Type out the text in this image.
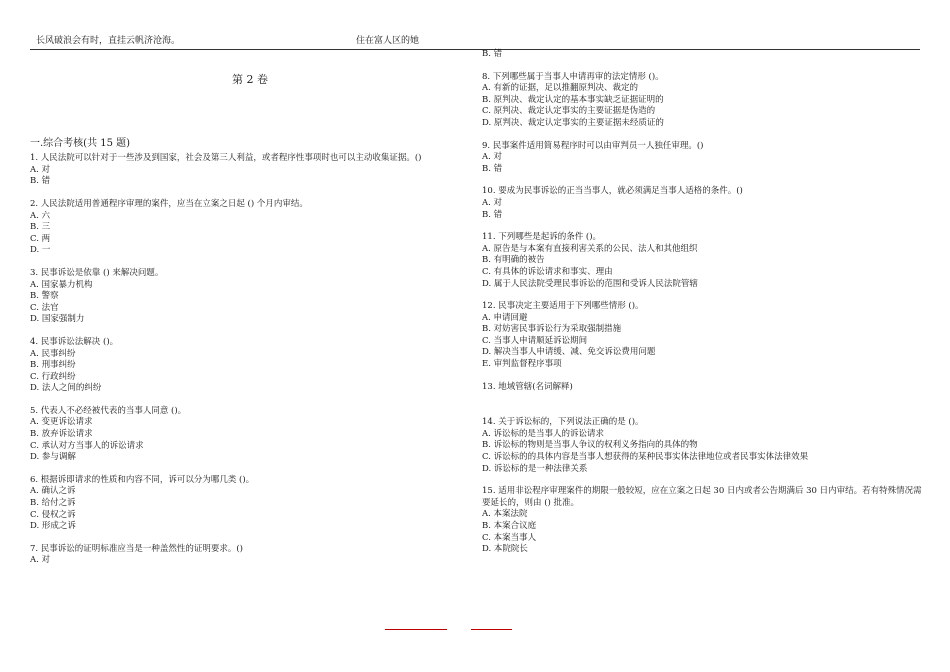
长风破浪会有时，直挂云帆济沧海。	住在富人区的她
第 2 卷
一.综合考核(共 15 题)
1. 人民法院可以针对于一些涉及到国家，社会及第三人利益，或者程序性事项时也可以主动收集证据。()
A. 对
B. 错
2. 人民法院适用普通程序审理的案件，应当在立案之日起 () 个月内审结。
A. 六
B. 三
C. 两
D. 一
3. 民事诉讼是依靠 () 来解决问题。
A. 国家暴力机构
B. 警察
C. 法官
D. 国家强制力
4. 民事诉讼法解决 ()。
A. 民事纠纷
B. 刑事纠纷
C. 行政纠纷
D. 法人之间的纠纷
5. 代表人不必经被代表的当事人同意 ()。
A. 变更诉讼请求
B. 放弃诉讼请求
C. 承认对方当事人的诉讼请求
D. 参与调解
6. 根据诉即请求的性质和内容不同，诉可以分为哪几类 ()。
A. 确认之诉
B. 给付之诉
C. 侵权之诉
D. 形成之诉
7. 民事诉讼的证明标准应当是一种盖然性的证明要求。()
A. 对
B. 错
8. 下列哪些属于当事人申请再审的法定情形 ()。
A. 有新的证据，足以推翻原判决、裁定的
B. 原判决、裁定认定的基本事实缺乏证据证明的
C. 原判决、裁定认定事实的主要证据是伪造的
D. 原判决、裁定认定事实的主要证据未经质证的
9. 民事案件适用简易程序时可以由审判员一人独任审理。()
A. 对
B. 错
10. 要成为民事诉讼的正当当事人，就必须满足当事人适格的条件。()
A. 对
B. 错
11. 下列哪些是起诉的条件 ()。
A. 原告是与本案有直接利害关系的公民、法人和其他组织
B. 有明确的被告
C. 有具体的诉讼请求和事实、理由
D. 属于人民法院受理民事诉讼的范围和受诉人民法院管辖
12. 民事决定主要适用于下列哪些情形 ()。
A. 申请回避
B. 对妨害民事诉讼行为采取强制措施
C. 当事人申请顺延诉讼期间
D. 解决当事人申请缓、减、免交诉讼费用问题
E. 审判监督程序事项
13. 地域管辖(名词解释)
14. 关于诉讼标的，下列说法正确的是 ()。
A. 诉讼标的是当事人的诉讼请求
B. 诉讼标的物则是当事人争议的权利义务指向的具体的物
C. 诉讼标的的具体内容是当事人想获得的某种民事实体法律地位或者民事实体法律效果
D. 诉讼标的是一种法律关系
15. 适用非讼程序审理案件的期限一般较短，应在立案之日起 30 日内或者公告期满后 30 日内审结。若有特殊情况需要延长的，则由 () 批准。
A. 本案法院
B. 本案合议庭
C. 本案当事人
D. 本院院长
